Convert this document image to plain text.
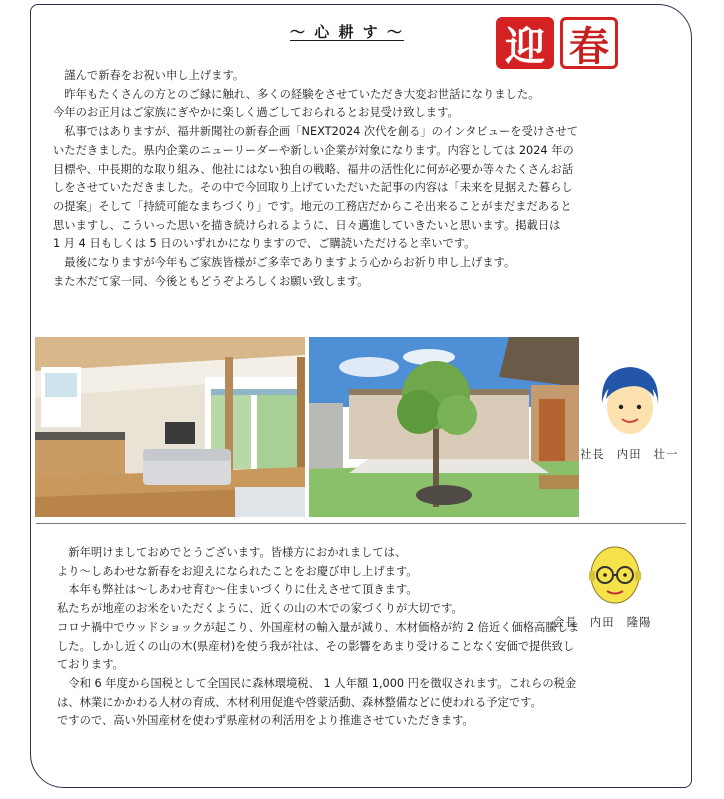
～ 心 耕 す ～	迎 春

　謹んで新春をお祝い申し上げます。

　昨年もたくさんの方とのご縁に触れ、多くの経験をさせていただき大変お世話になりました。

今年のお正月はご家族にぎやかに楽しく過ごしておられるとお見受け致します。

　私事ではありますが、福井新聞社の新春企画「NEXT2024 次代を創る」のインタビューを受けさせて

いただきました。県内企業のニューリーダーや新しい企業が対象になります。内容としては 2024 年の

目標や、中長期的な取り組み、他社にはない独自の戦略、福井の活性化に何が必要か等々たくさんお話

しをさせていただきました。その中で今回取り上げていただいた記事の内容は「未来を見据えた暮らし

の提案」そして「持続可能なまちづくり」です。地元の工務店だからこそ出来ることがまだまだあると

思いますし、こういった思いを描き続けられるように、日々邁進していきたいと思います。掲載日は

1 月 4 日もしくは 5 日のいずれかになりますので、ご購読いただけると幸いです。

　最後になりますが今年もご家族皆様がご多幸でありますよう心からお祈り申し上げます。

また木だて家一同、今後ともどうぞよろしくお願い致します。

社長　内田　壮一
会長　内田　隆陽

　新年明けましておめでとうございます。皆様方におかれましては、

より～しあわせな新春をお迎えになられたことをお慶び申し上げます。

　本年も弊社は～しあわせ育む～住まいづくりに仕えさせて頂きます。

私たちが地産のお米をいただくように、近くの山の木での家づくりが大切です。

コロナ禍中でウッドショックが起こり、外国産材の輸入量が減り、木材価格が約 2 倍近く価格高騰しま

した。しかし近くの山の木(県産材)を使う我が社は、その影響をあまり受けることなく安価で提供致し

ております。

　令和 6 年度から国税として全国民に森林環境税、 1 人年額 1,000 円を徴収されます。これらの税金

は、林業にかかわる人材の育成、木材利用促進や啓蒙活動、森林整備などに使われる予定です。

ですので、高い外国産材を使わず県産材の利活用をより推進させていただきます。
